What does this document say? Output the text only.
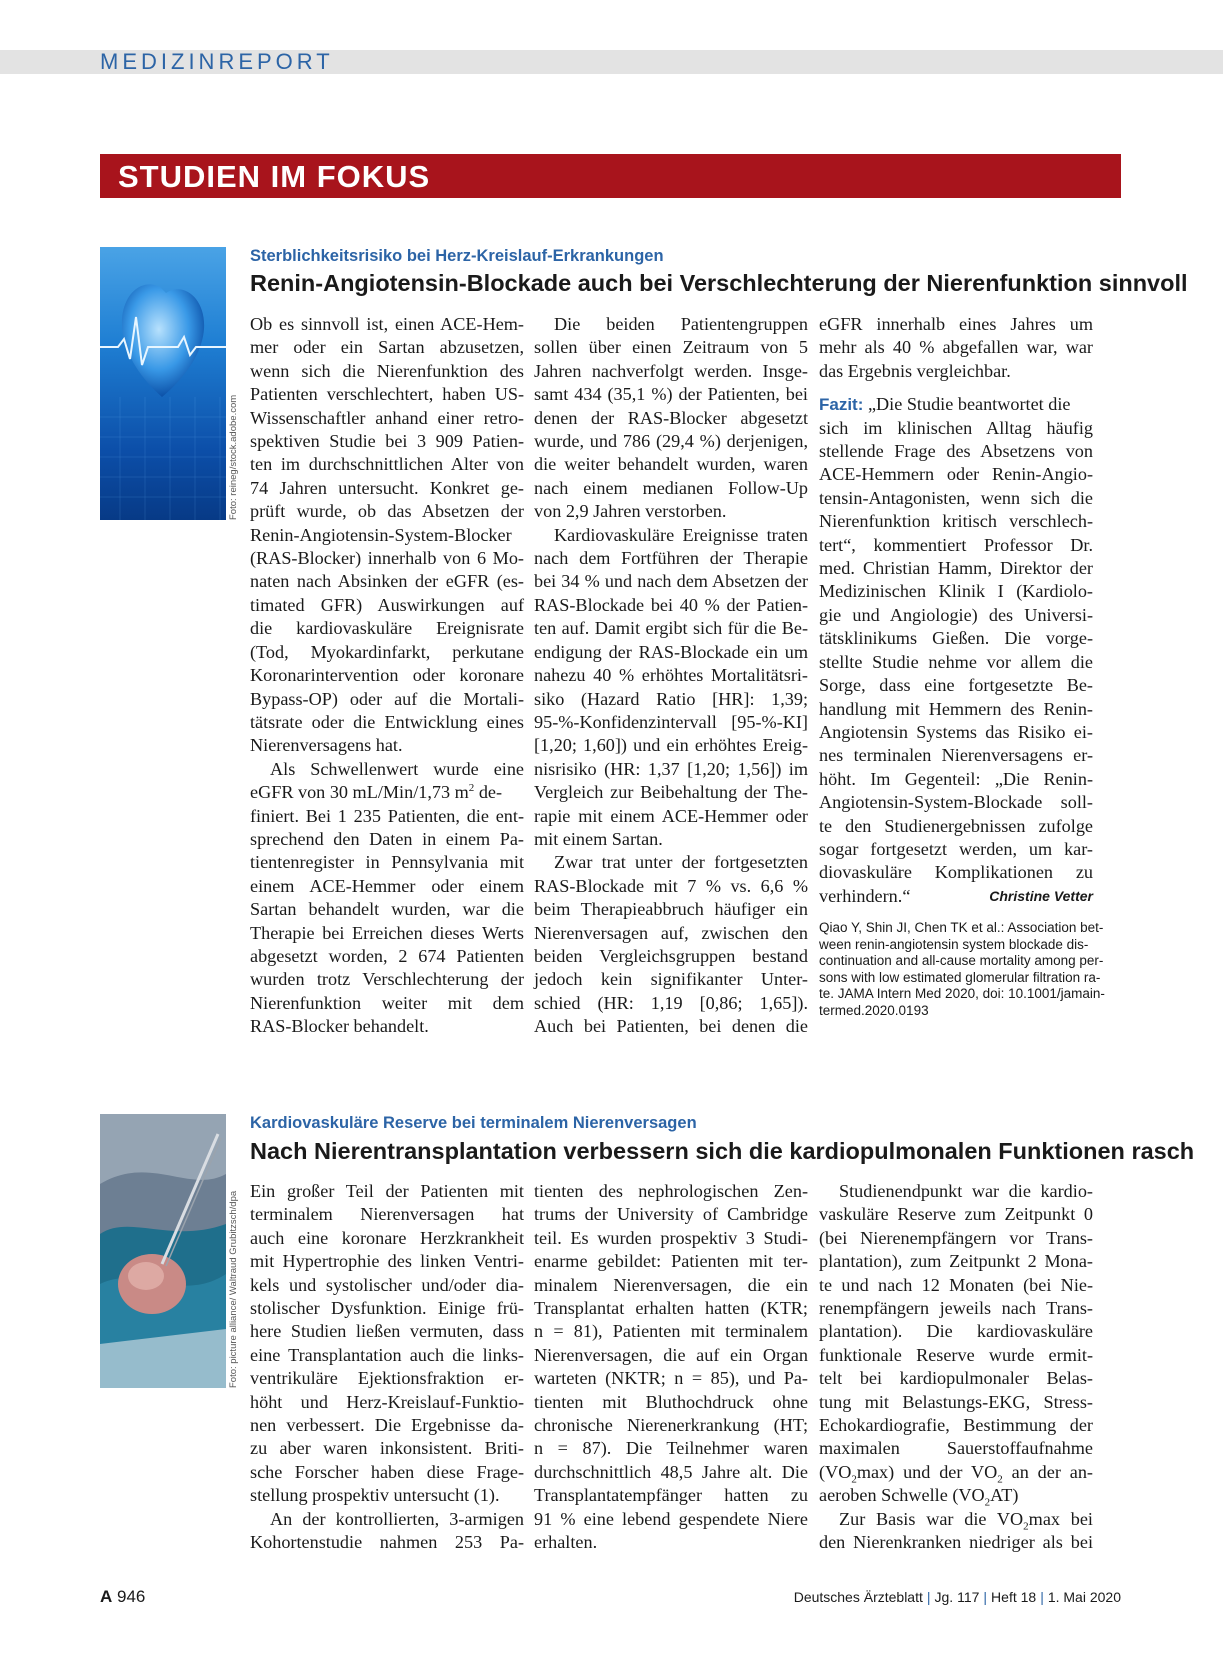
MEDIZINREPORT
STUDIEN IM FOKUS
Foto: reineg/stock.adobe.com
Sterblichkeitsrisiko bei Herz-Kreislauf-Erkrankungen
Renin-Angiotensin-Blockade auch bei Verschlechterung der Nierenfunktion sinnvoll

Ob es sinnvoll ist, einen ACE-Hem-
mer oder ein Sartan abzusetzen,
wenn sich die Nierenfunktion des
Patienten verschlechtert, haben US-
Wissenschaftler anhand einer retro-
spektiven Studie bei 3 909 Patien-
ten im durchschnittlichen Alter von
74 Jahren untersucht. Konkret ge-
prüft wurde, ob das Absetzen der
Renin-Angiotensin-System-Blocker
(RAS-Blocker) innerhalb von 6 Mo-
naten nach Absinken der eGFR (es-
timated GFR) Auswirkungen auf
die kardiovaskuläre Ereignisrate
(Tod, Myokardinfarkt, perkutane
Koronarintervention oder koronare
Bypass-OP) oder auf die Mortali-
tätsrate oder die Entwicklung eines
Nierenversagens hat.

Als Schwellenwert wurde eine
eGFR von 30 mL/Min/1,73 $m^2$ de-
finiert. Bei 1 235 Patienten, die ent-
sprechend den Daten in einem Pa-
tientenregister in Pennsylvania mit
einem ACE-Hemmer oder einem
Sartan behandelt wurden, war die
Therapie bei Erreichen dieses Werts
abgesetzt worden, 2 674 Patienten
wurden trotz Verschlechterung der
Nierenfunktion weiter mit dem
RAS-Blocker behandelt.

Die beiden Patientengruppen
sollen über einen Zeitraum von 5
Jahren nachverfolgt werden. Insge-
samt 434 (35,1 %) der Patienten, bei
denen der RAS-Blocker abgesetzt
wurde, und 786 (29,4 %) derjenigen,
die weiter behandelt wurden, waren
nach einem medianen Follow-Up
von 2,9 Jahren verstorben.

Kardiovaskuläre Ereignisse traten
nach dem Fortführen der Therapie
bei 34 % und nach dem Absetzen der
RAS-Blockade bei 40 % der Patien-
ten auf. Damit ergibt sich für die Be-
endigung der RAS-Blockade ein um
nahezu 40 % erhöhtes Mortalitätsri-
siko (Hazard Ratio [HR]: 1,39;
95-%-Konfidenzintervall [95-%-KI]
[1,20; 1,60]) und ein erhöhtes Ereig-
nisrisiko (HR: 1,37 [1,20; 1,56]) im
Vergleich zur Beibehaltung der The-
rapie mit einem ACE-Hemmer oder
mit einem Sartan.

Zwar trat unter der fortgesetzten
RAS-Blockade mit 7 % vs. 6,6 %
beim Therapieabbruch häufiger ein
Nierenversagen auf, zwischen den
beiden Vergleichsgruppen bestand
jedoch kein signifikanter Unter-
schied (HR: 1,19 [0,86; 1,65]).
Auch bei Patienten, bei denen die

eGFR innerhalb eines Jahres um
mehr als 40 % abgefallen war, war
das Ergebnis vergleichbar.

Fazit: „Die Studie beantwortet die
sich im klinischen Alltag häufig
stellende Frage des Absetzens von
ACE-Hemmern oder Renin-Angio-
tensin-Antagonisten, wenn sich die
Nierenfunktion kritisch verschlech-
tert“, kommentiert Professor Dr.
med. Christian Hamm, Direktor der
Medizinischen Klinik I (Kardiolo-
gie und Angiologie) des Universi-
tätsklinikums Gießen. Die vorge-
stellte Studie nehme vor allem die
Sorge, dass eine fortgesetzte Be-
handlung mit Hemmern des Renin-
Angiotensin Systems das Risiko ei-
nes terminalen Nierenversagens er-
höht. Im Gegenteil: „Die Renin-
Angiotensin-System-Blockade soll-
te den Studienergebnissen zufolge
sogar fortgesetzt werden, um kar-
diovaskuläre Komplikationen zu
verhindern.“	Christine Vetter

Qiao Y, Shin JI, Chen TK et al.: Association bet-
ween renin-angiotensin system blockade dis-
continuation and all-cause mortality among per-
sons with low estimated glomerular filtration ra-
te. JAMA Intern Med 2020, doi: 10.1001/jamain-
termed.2020.0193
Foto: picture alliance/ Waltraud Grubitzsch/dpa
Kardiovaskuläre Reserve bei terminalem Nierenversagen
Nach Nierentransplantation verbessern sich die kardiopulmonalen Funktionen rasch

Ein großer Teil der Patienten mit
terminalem Nierenversagen hat
auch eine koronare Herzkrankheit
mit Hypertrophie des linken Ventri-
kels und systolischer und/oder dia-
stolischer Dysfunktion. Einige frü-
here Studien ließen vermuten, dass
eine Transplantation auch die links-
ventrikuläre Ejektionsfraktion er-
höht und Herz-Kreislauf-Funktio-
nen verbessert. Die Ergebnisse da-
zu aber waren inkonsistent. Briti-
sche Forscher haben diese Frage-
stellung prospektiv untersucht (1).

An der kontrollierten, 3-armigen
Kohortenstudie nahmen 253 Pa-

tienten des nephrologischen Zen-
trums der University of Cambridge
teil. Es wurden prospektiv 3 Studi-
enarme gebildet: Patienten mit ter-
minalem Nierenversagen, die ein
Transplantat erhalten hatten (KTR;
n = 81), Patienten mit terminalem
Nierenversagen, die auf ein Organ
warteten (NKTR; n = 85), und Pa-
tienten mit Bluthochdruck ohne
chronische Nierenerkrankung (HT;
n = 87). Die Teilnehmer waren
durchschnittlich 48,5 Jahre alt. Die
Transplantatempfänger hatten zu
91 % eine lebend gespendete Niere
erhalten.

Studienendpunkt war die kardio-
vaskuläre Reserve zum Zeitpunkt 0
(bei Nierenempfängern vor Trans-
plantation), zum Zeitpunkt 2 Mona-
te und nach 12 Monaten (bei Nie-
renempfängern jeweils nach Trans-
plantation). Die kardiovaskuläre
funktionale Reserve wurde ermit-
telt bei kardiopulmonaler Belas-
tung mit Belastungs-EKG, Stress-
Echokardiografie, Bestimmung der
maximalen Sauerstoffaufnahme
$(VO_2\max)$ und der $VO_2$ an der an-
aeroben Schwelle $(VO_2AT)$

Zur Basis war die $VO_2\max$ bei
den Nierenkranken niedriger als bei

A 946	Deutsches Ärzteblatt | Jg. 117 | Heft 18 | 1. Mai 2020
